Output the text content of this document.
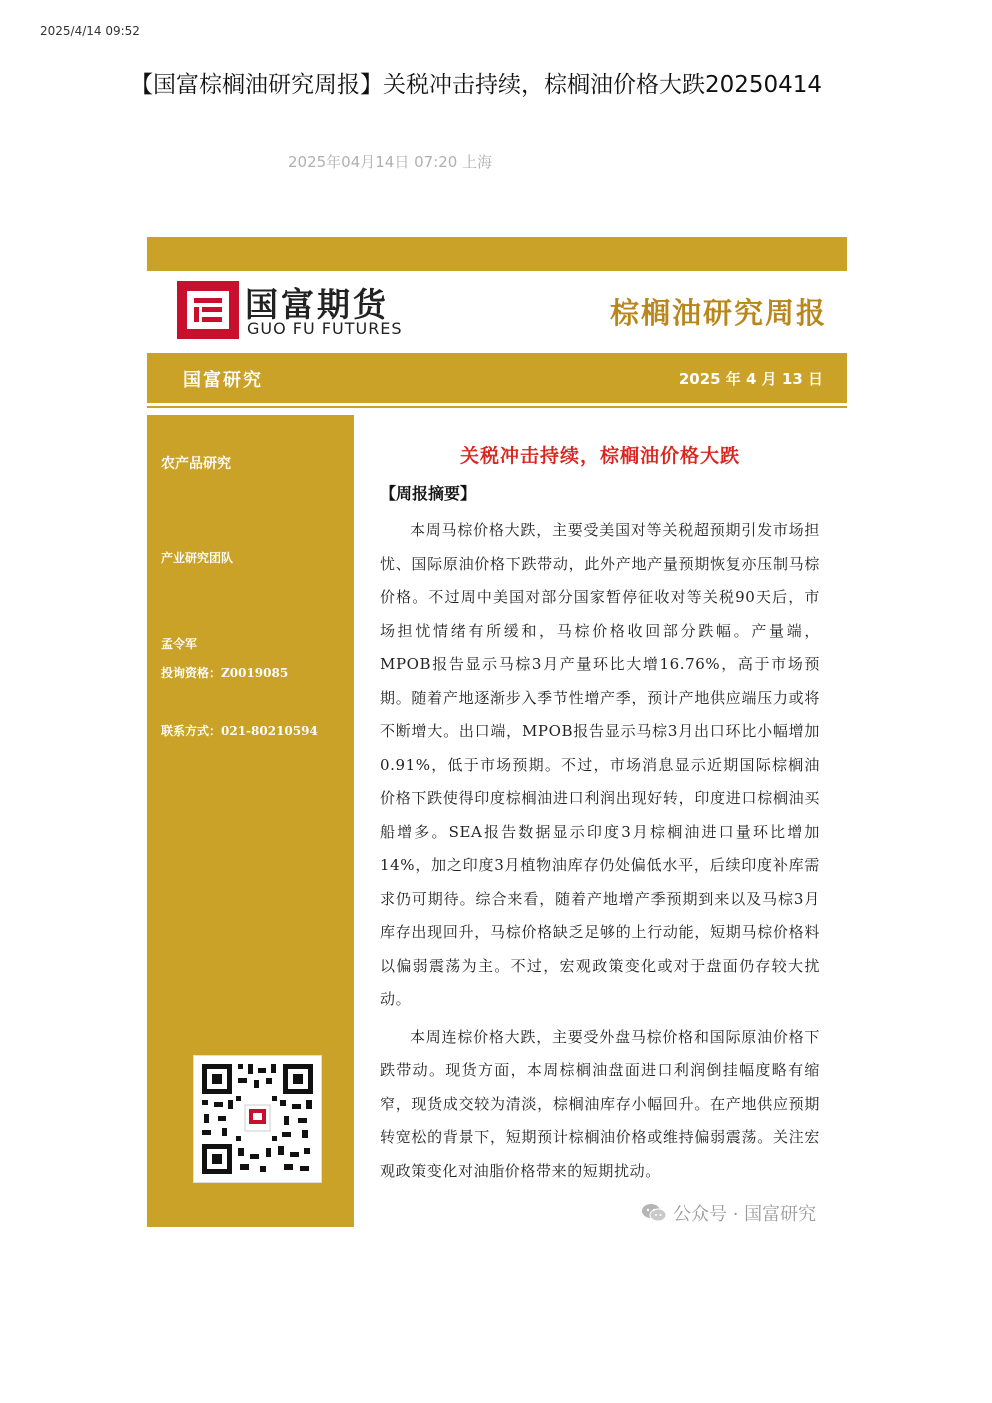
2025/4/14 09:52
【国富棕榈油研究周报】关税冲击持续，棕榈油价格大跌20250414
2025年04月14日 07:20 上海
国富期货
GUO FU FUTURES	棕榈油研究周报
国富研究	2025 年 4 月 13 日
农产品研究
产业研究团队
孟令军
投询资格：Z0019085
联系方式：021-80210594
关税冲击持续，棕榈油价格大跌
【周报摘要】

本周马棕价格大跌，主要受美国对等关税超预期引发市场担忧、国际原油价格下跌带动，此外产地产量预期恢复亦压制马棕价格。不过周中美国对部分国家暂停征收对等关税90天后，市场担忧情绪有所缓和，马棕价格收回部分跌幅。产量端，MPOB报告显示马棕3月产量环比大增16.76%，高于市场预期。随着产地逐渐步入季节性增产季，预计产地供应端压力或将不断增大。出口端，MPOB报告显示马棕3月出口环比小幅增加0.91%，低于市场预期。不过，市场消息显示近期国际棕榈油价格下跌使得印度棕榈油进口利润出现好转，印度进口棕榈油买船增多。SEA报告数据显示印度3月棕榈油进口量环比增加14%，加之印度3月植物油库存仍处偏低水平，后续印度补库需求仍可期待。综合来看，随着产地增产季预期到来以及马棕3月库存出现回升，马棕价格缺乏足够的上行动能，短期马棕价格料以偏弱震荡为主。不过，宏观政策变化或对于盘面仍存较大扰动。

本周连棕价格大跌，主要受外盘马棕价格和国际原油价格下跌带动。现货方面，本周棕榈油盘面进口利润倒挂幅度略有缩窄，现货成交较为清淡，棕榈油库存小幅回升。在产地供应预期转宽松的背景下，短期预计棕榈油价格或维持偏弱震荡。关注宏观政策变化对油脂价格带来的短期扰动。

公众号 · 国富研究
